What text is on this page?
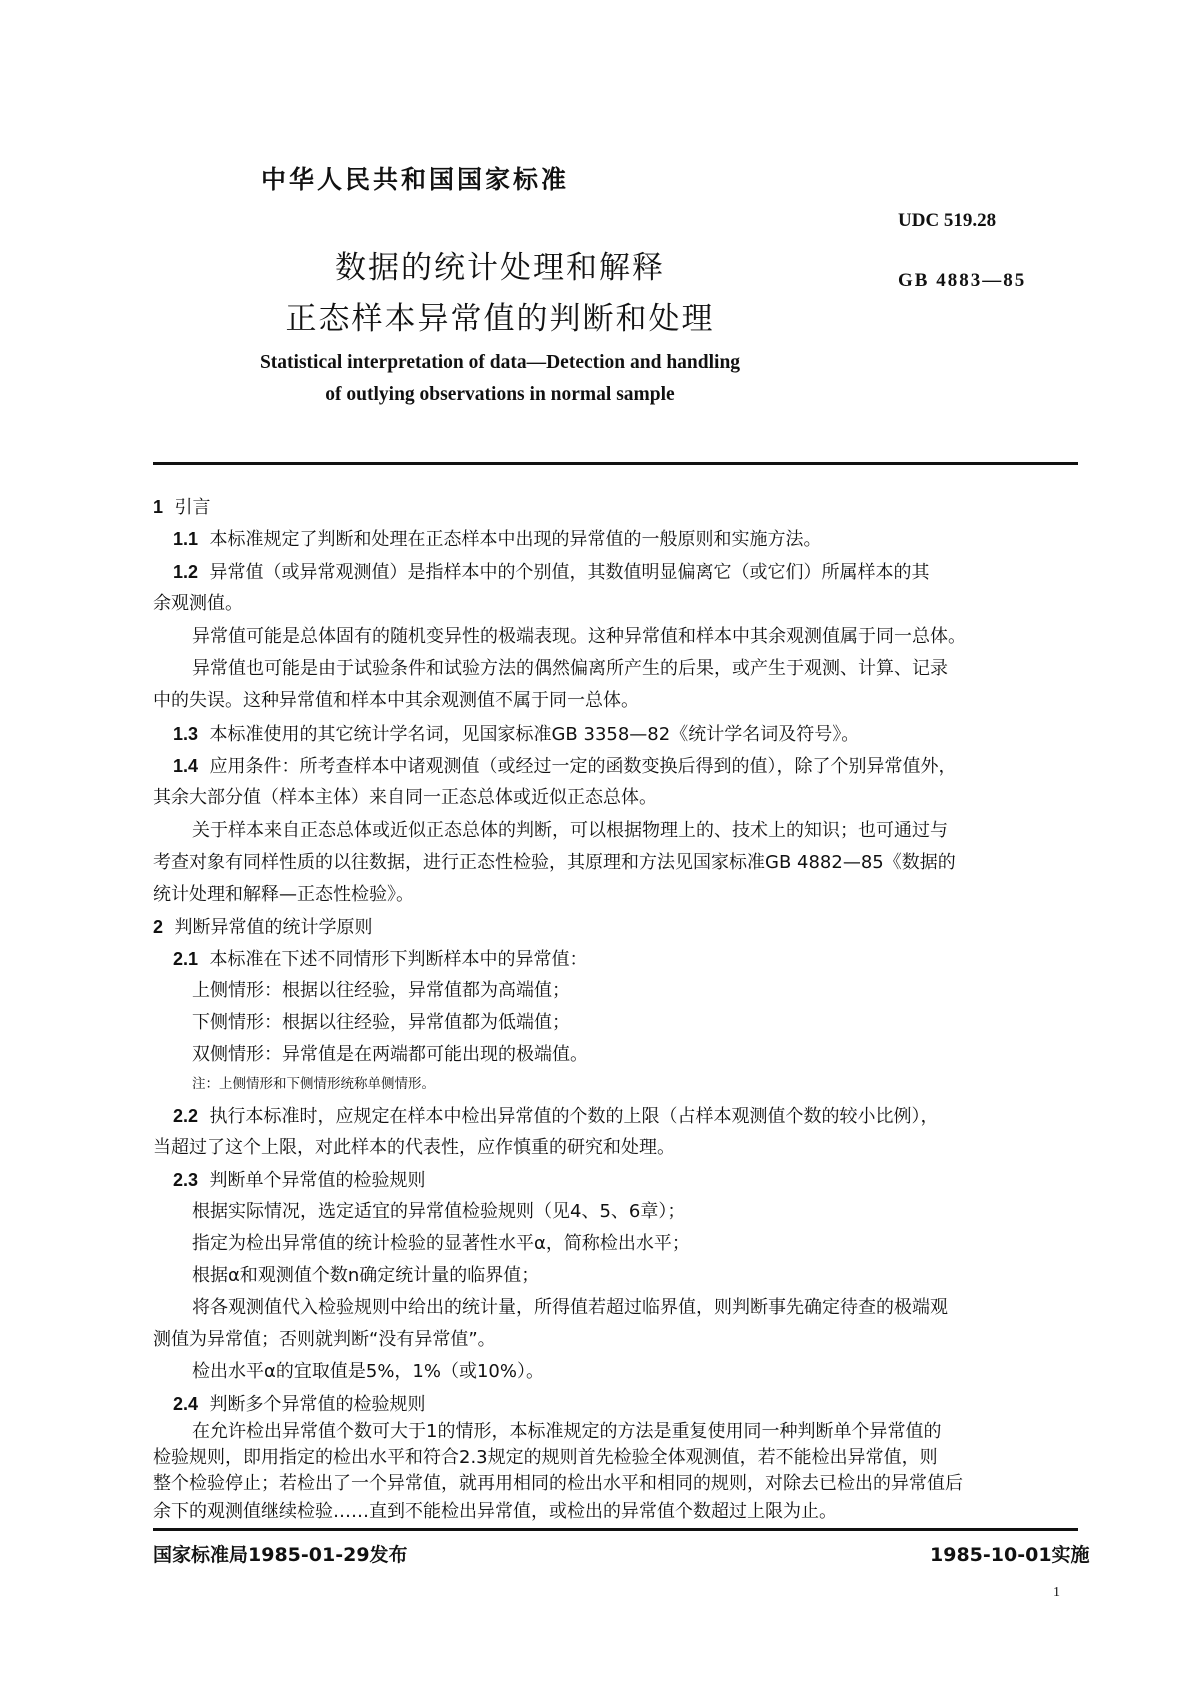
中华人民共和国国家标准
UDC 519.28
GB 4883—85
数据的统计处理和解释
正态样本异常值的判断和处理
Statistical interpretation of data—Detection and handling
of outlying observations in normal sample
1 引言
1.1 本标准规定了判断和处理在正态样本中出现的异常值的一般原则和实施方法。
1.2 异常值（或异常观测值）是指样本中的个别值，其数值明显偏离它（或它们）所属样本的其
余观测值。
异常值可能是总体固有的随机变异性的极端表现。这种异常值和样本中其余观测值属于同一总体。
异常值也可能是由于试验条件和试验方法的偶然偏离所产生的后果，或产生于观测、计算、记录
中的失误。这种异常值和样本中其余观测值不属于同一总体。
1.3 本标准使用的其它统计学名词，见国家标准GB 3358—82《统计学名词及符号》。
1.4 应用条件：所考查样本中诸观测值（或经过一定的函数变换后得到的值），除了个别异常值外，
其余大部分值（样本主体）来自同一正态总体或近似正态总体。
关于样本来自正态总体或近似正态总体的判断，可以根据物理上的、技术上的知识；也可通过与
考查对象有同样性质的以往数据，进行正态性检验，其原理和方法见国家标准GB 4882—85《数据的
统计处理和解释—正态性检验》。
2 判断异常值的统计学原则
2.1 本标准在下述不同情形下判断样本中的异常值：
上侧情形：根据以往经验，异常值都为高端值；
下侧情形：根据以往经验，异常值都为低端值；
双侧情形：异常值是在两端都可能出现的极端值。
注：上侧情形和下侧情形统称单侧情形。
2.2 执行本标准时，应规定在样本中检出异常值的个数的上限（占样本观测值个数的较小比例），
当超过了这个上限，对此样本的代表性，应作慎重的研究和处理。
2.3 判断单个异常值的检验规则
根据实际情况，选定适宜的异常值检验规则（见4、5、6章）；
指定为检出异常值的统计检验的显著性水平α，简称检出水平；
根据α和观测值个数n确定统计量的临界值；
将各观测值代入检验规则中给出的统计量，所得值若超过临界值，则判断事先确定待查的极端观
测值为异常值；否则就判断“没有异常值”。
检出水平α的宜取值是5%，1%（或10%）。
2.4 判断多个异常值的检验规则
在允许检出异常值个数可大于1的情形，本标准规定的方法是重复使用同一种判断单个异常值的
检验规则，即用指定的检出水平和符合2.3规定的规则首先检验全体观测值，若不能检出异常值，则
整个检验停止；若检出了一个异常值，就再用相同的检出水平和相同的规则，对除去已检出的异常值后
国家标准局1985-01-29发布	1985-10-01实施
1
余下的观测值继续检验……直到不能检出异常值，或检出的异常值个数超过上限为止。
